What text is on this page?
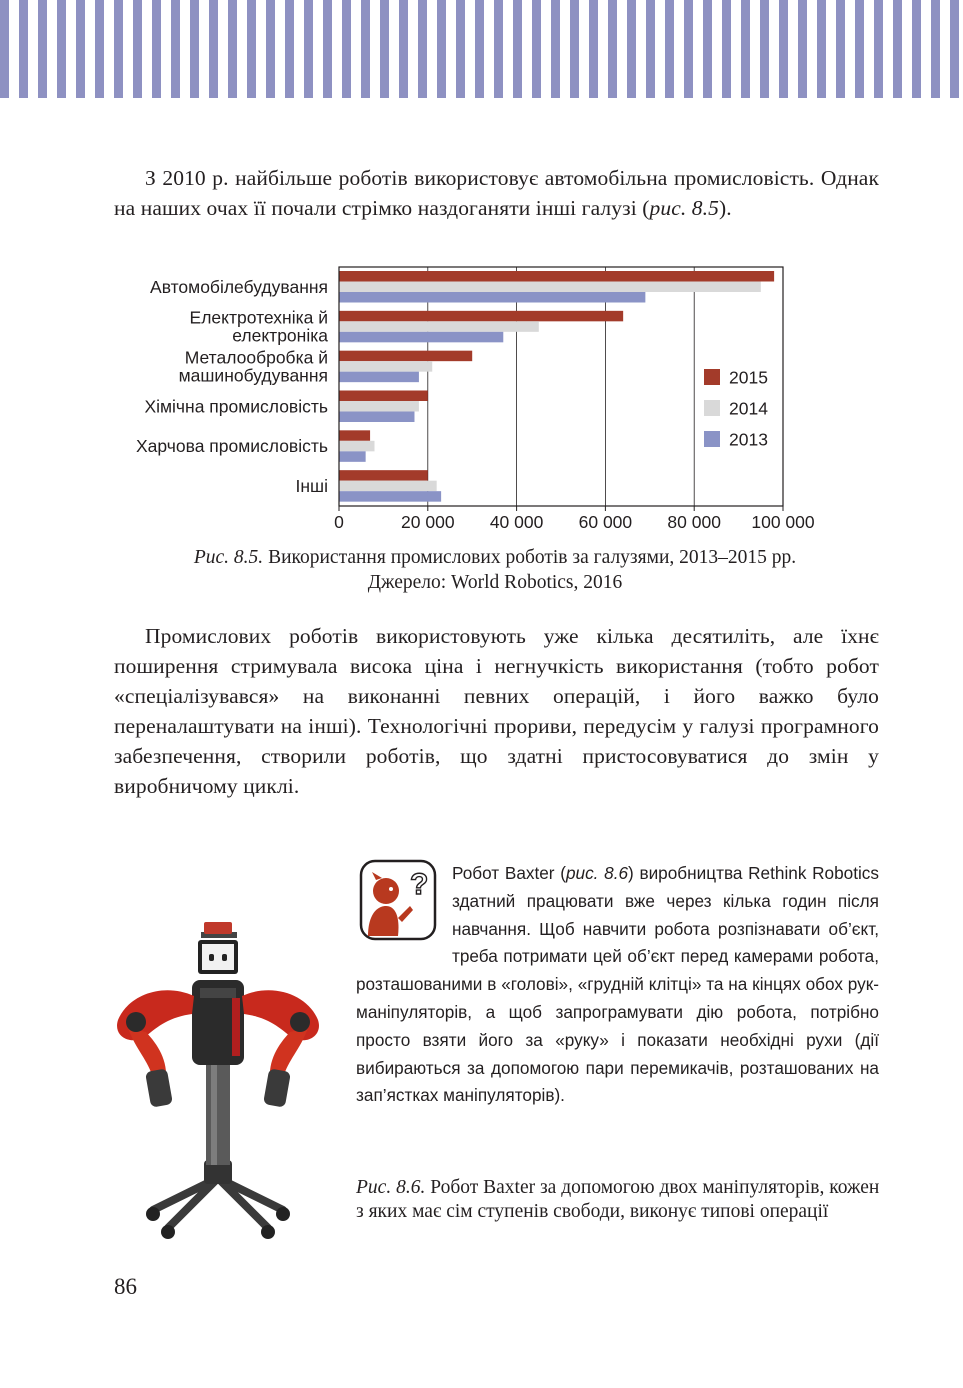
З 2010 р. найбільше роботів використовує автомобільна промисловість. Однак на наших очах її почали стрімко наздоганяти інші галузі (рис. 8.5).

Автомобілебудування
Електротехніка й
електроніка
Металообробка й
машинобудування
Хімічна промисловість
Харчова промисловість
Інші
0	20 000 40 000 60 000 80 000 100 000
2015
2014
2013
Рис. 8.5. Використання промислових роботів за галузями, 2013–2015 рр.
Джерело: World Robotics, 2016

Промислових роботів використовують уже кілька десятиліть, але їхнє поширення стримувала висока ціна і негнучкість використання (тобто робот «спеціалізувався» на виконанні певних операцій, і його важко було переналаштувати на інші). Технологічні прориви, передусім у галузі програмного забезпечення, створили роботів, що здатні пристосовуватися до змін у виробничому циклі.

?	Робот Baxter (рис. 8.6) виробництва Rethink Robotics здатний працювати вже через кілька годин після навчання. Щоб навчити робота розпізнавати об’єкт, треба потримати цей об’єкт перед камерами робота, розташованими в «голові», «грудній клітці» та на кінцях обох рук-маніпуляторів, а щоб запрограмувати дію робота, потрібно просто взяти його за «руку» і показати необхідні рухи (дії вибираються за допомогою пари перемикачів, розташованих на зап’ястках маніпуляторів).

Рис. 8.6. Робот Baxter за допомогою двох маніпуляторів, кожен з яких має сім ступенів свободи, виконує типові операції
86
